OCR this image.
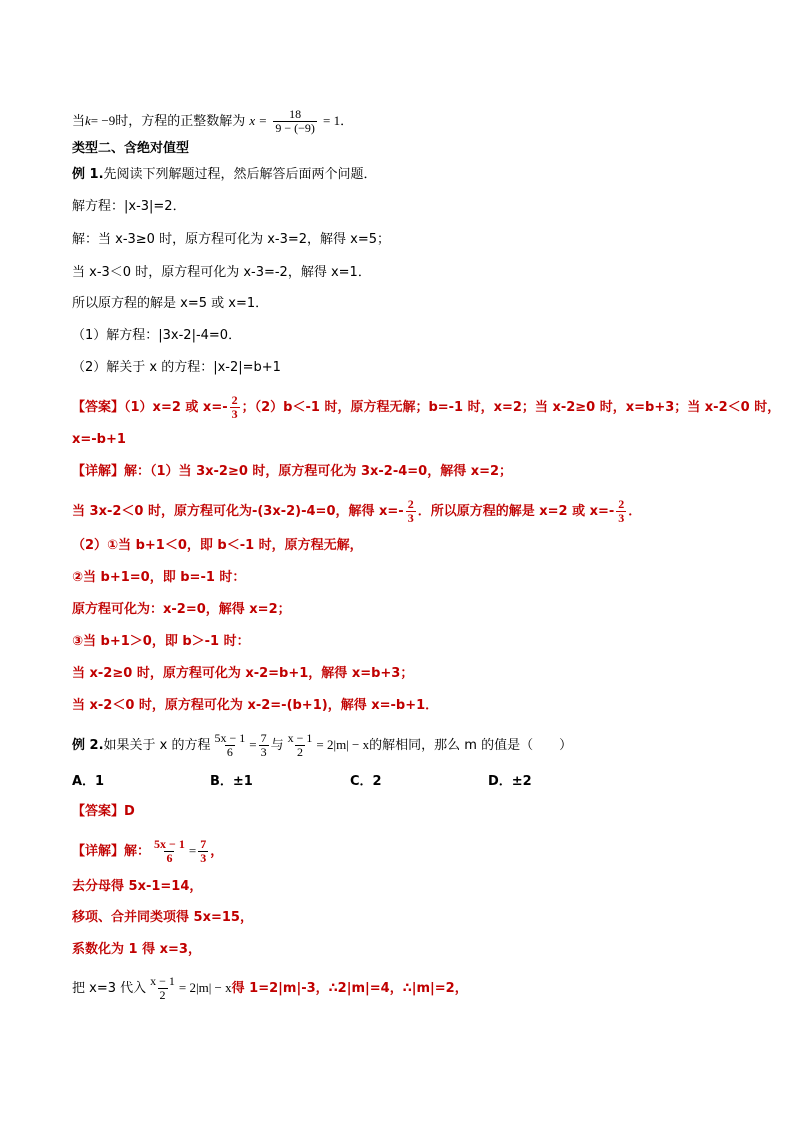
当k= −9时，方程的正整数解为 $x = \frac{18}{9 - (-9)} = 1$．
类型二、含绝对值型
例 1.先阅读下列解题过程，然后解答后面两个问题．
解方程：|x-3|=2．
解：当 x-3≥0 时，原方程可化为 x-3=2，解得 x=5；
当 x-3＜0 时，原方程可化为 x-3=-2，解得 x=1．
所以原方程的解是 x=5 或 x=1．
（1）解方程：|3x-2|-4=0．
（2）解关于 x 的方程：|x-2|=b+1
【答案】（1）x=2 或 $x=- \frac{2}{3}$ ；（2）b＜-1 时，原方程无解；b=-1 时，x=2；当 x-2≥0 时，x=b+3；当 x-2＜0 时，
x=-b+1
【详解】解：（1）当 3x-2≥0 时，原方程可化为 3x-2-4=0，解得 x=2；
当 3x-2＜0 时，原方程可化为-(3x-2)-4=0，解得 $x=- \frac{2}{3}$ ．所以原方程的解是 x=2 或 $x=- \frac{2}{3}$ ．
（2）①当 b+1＜0，即 b＜-1 时，原方程无解，
②当 b+1=0，即 b=-1 时：
原方程可化为：x-2=0，解得 x=2；
③当 b+1＞0，即 b＞-1 时：
当 x-2≥0 时，原方程可化为 x-2=b+1，解得 x=b+3；
当 x-2＜0 时，原方程可化为 x-2=-(b+1)，解得 x=-b+1．
例 2.如果关于 x 的方程 $\frac{5x - 1}{6} = \frac{7}{3}$ 与 $\frac{x - 1}{2} = 2|m| - x$的解相同，那么 m 的值是（　　）
A．1	B．±1	C．2	D．±2
【答案】D
【详解】解： $\frac{5x - 1}{6} = \frac{7}{3}$ ，
去分母得 5x-1=14，
移项、合并同类项得 5x=15，
系数化为 1 得 x=3，
把 x=3 代入 $\frac{x - 1}{2} = 2|m| - x$得 1=2|m|-3，∴2|m|=4，∴|m|=2，
